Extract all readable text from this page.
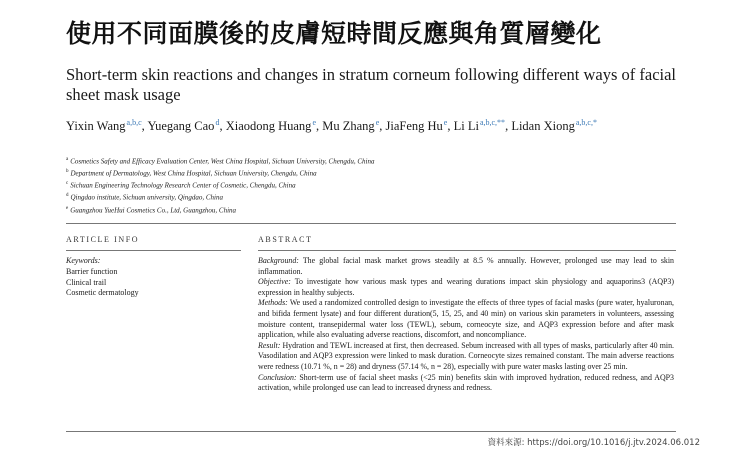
使用不同面膜後的皮膚短時間反應與角質層變化
Short-term skin reactions and changes in stratum corneum following different ways of facial sheet mask usage
Yixin Wang$^{a,b,c}$, Yuegang Cao$^d$, Xiaodong Huang$^e$, Mu Zhang$^e$, JiaFeng Hu$^e$, Li $Li^{a,b,c,**}$, Lidan Xiong$^{a,b,c,*}$
$^a$ Cosmetics Safety and Efficacy Evaluation Center, West China Hospital, Sichuan University, Chengdu, China
$^b$ Department of Dermatology, West China Hospital, Sichuan University, Chengdu, China
$^c$ Sichuan Engineering Technology Research Center of Cosmetic, Chengdu, China
$^d$ Qingdao institute, Sichuan university, Qingdao, China
$^e$ Guangzhou YueHui Cosmetics Co., Ltd, Guangzhou, China
ARTICLE INFO	ABSTRACT
Keywords:
Barrier function
Clinical trail
Cosmetic dermatology

Background: The global facial mask market grows steadily at 8.5 % annually. However, prolonged use may lead to skin inflammation.

Objective: To investigate how various mask types and wearing durations impact skin physiology and aquaporins3 (AQP3) expression in healthy subjects.

Methods: We used a randomized controlled design to investigate the effects of three types of facial masks (pure water, hyaluronan, and bifida ferment lysate) and four different duration(5, 15, 25, and 40 min) on various skin parameters in volunteers, assessing moisture content, transepidermal water loss (TEWL), sebum, corneocyte size, and AQP3 expression before and after mask application, while also evaluating adverse reactions, discomfort, and noncompliance.

Result: Hydration and TEWL increased at first, then decreased. Sebum increased with all types of masks, particularly after 40 min. Vasodilation and AQP3 expression were linked to mask duration. Corneocyte sizes remained constant. The main adverse reactions were redness (10.71 %, n = 28) and dryness (57.14 %, n = 28), especially with pure water masks lasting over 25 min.

Conclusion: Short-term use of facial sheet masks (<25 min) benefits skin with improved hydration, reduced redness, and AQP3 activation, while prolonged use can lead to increased dryness and redness.

資料來源: https://doi.org/10.1016/j.jtv.2024.06.012
